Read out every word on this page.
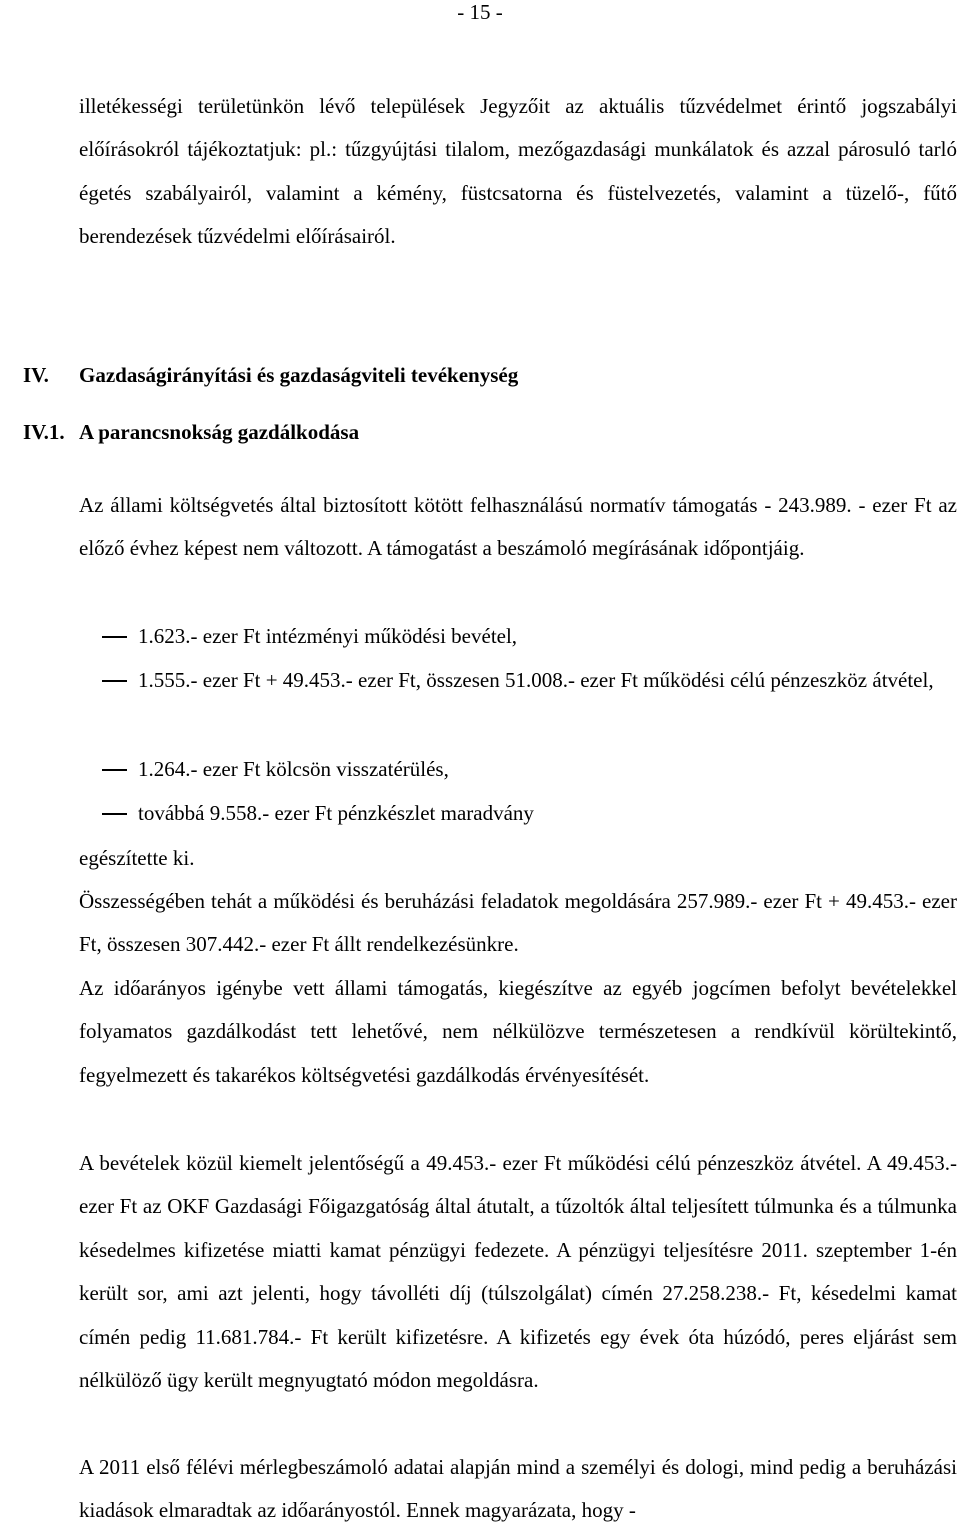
- 15 -

illetékességi területünkön lévő települések Jegyzőit az aktuális tűzvédelmet érintő jogszabályi előírásokról tájékoztatjuk: pl.: tűzgyújtási tilalom, mezőgazdasági munkálatok és azzal párosuló tarló égetés szabályairól, valamint a kémény, füstcsatorna és füstelvezetés, valamint a tüzelő-, fűtő berendezések tűzvédelmi előírásairól.

IV. Gazdaságirányítási és gazdaságviteli tevékenység
IV.1. A parancsnokság gazdálkodása

Az állami költségvetés által biztosított kötött felhasználású normatív támogatás - 243.989. - ezer Ft az előző évhez képest nem változott. A támogatást a beszámoló megírásának időpontjáig.

1.623.- ezer Ft intézményi működési bevétel,
1.555.- ezer Ft + 49.453.- ezer Ft, összesen 51.008.- ezer Ft működési célú pénzeszköz átvétel,
1.264.- ezer Ft kölcsön visszatérülés,
továbbá 9.558.- ezer Ft pénzkészlet maradvány

egészítette ki.

Összességében tehát a működési és beruházási feladatok megoldására 257.989.- ezer Ft + 49.453.- ezer Ft, összesen 307.442.- ezer Ft állt rendelkezésünkre.

Az időarányos igénybe vett állami támogatás, kiegészítve az egyéb jogcímen befolyt bevételekkel folyamatos gazdálkodást tett lehetővé, nem nélkülözve természetesen a rendkívül körültekintő, fegyelmezett és takarékos költségvetési gazdálkodás érvényesítését.

A bevételek közül kiemelt jelentőségű a 49.453.- ezer Ft működési célú pénzeszköz átvétel. A 49.453.- ezer Ft az OKF Gazdasági Főigazgatóság által átutalt, a tűzoltók által teljesített túlmunka és a túlmunka késedelmes kifizetése miatti kamat pénzügyi fedezete. A pénzügyi teljesítésre 2011. szeptember 1-én került sor, ami azt jelenti, hogy távolléti díj (túlszolgálat) címén 27.258.238.- Ft, késedelmi kamat címén pedig 11.681.784.- Ft került kifizetésre. A kifizetés egy évek óta húzódó, peres eljárást sem nélkülöző ügy került megnyugtató módon megoldásra.

A 2011 első félévi mérlegbeszámoló adatai alapján mind a személyi és dologi, mind pedig a beruházási kiadások elmaradtak az időarányostól. Ennek magyarázata, hogy -
